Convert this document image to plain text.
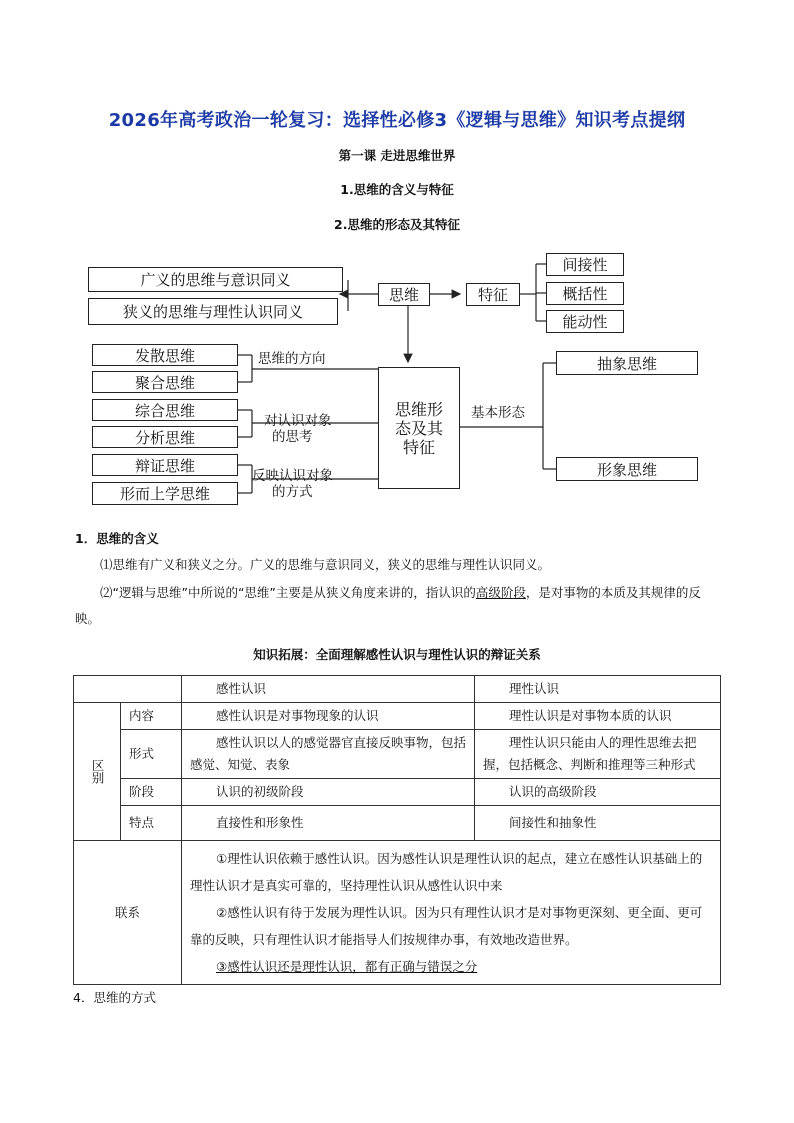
2026年高考政治一轮复习：选择性必修3《逻辑与思维》知识考点提纲
第一课 走进思维世界
1.思维的含义与特征
2.思维的形态及其特征
广义的思维与意识同义
狭义的思维与理性认识同义
思维	特征
间接性
概括性
能动性
思维形态及其特征
基本形态
抽象思维
形象思维
发散思维
聚合思维
综合思维
分析思维
辩证思维
形而上学思维
思维的方向
对认识对象
的思考
反映认识对象
的方式
1．思维的含义
⑴思维有广义和狭义之分。广义的思维与意识同义，狭义的思维与理性认识同义。
⑵“逻辑与思维”中所说的“思维”主要是从狭义角度来讲的，指认识的高级阶段，是对事物的本质及其规律的反映。
知识拓展：全面理解感性认识与理性认识的辩证关系
		感性认识	理性认识
区别	内容	感性认识是对事物现象的认识	理性认识是对事物本质的认识
	形式	感性认识以人的感觉器官直接反映事物，包括感觉、知觉、表象	理性认识只能由人的理性思维去把握，包括概念、判断和推理等三种形式
	阶段	认识的初级阶段	认识的高级阶段
	特点	直接性和形象性	间接性和抽象性
联系		①理性认识依赖于感性认识。因为感性认识是理性认识的起点，建立在感性认识基础上的理性认识才是真实可靠的，坚持理性认识从感性认识中来
②感性认识有待于发展为理性认识。因为只有理性认识才是对事物更深刻、更全面、更可靠的反映，只有理性认识才能指导人们按规律办事，有效地改造世界。
③感性认识还是理性认识，都有正确与错误之分	
4．思维的方式
